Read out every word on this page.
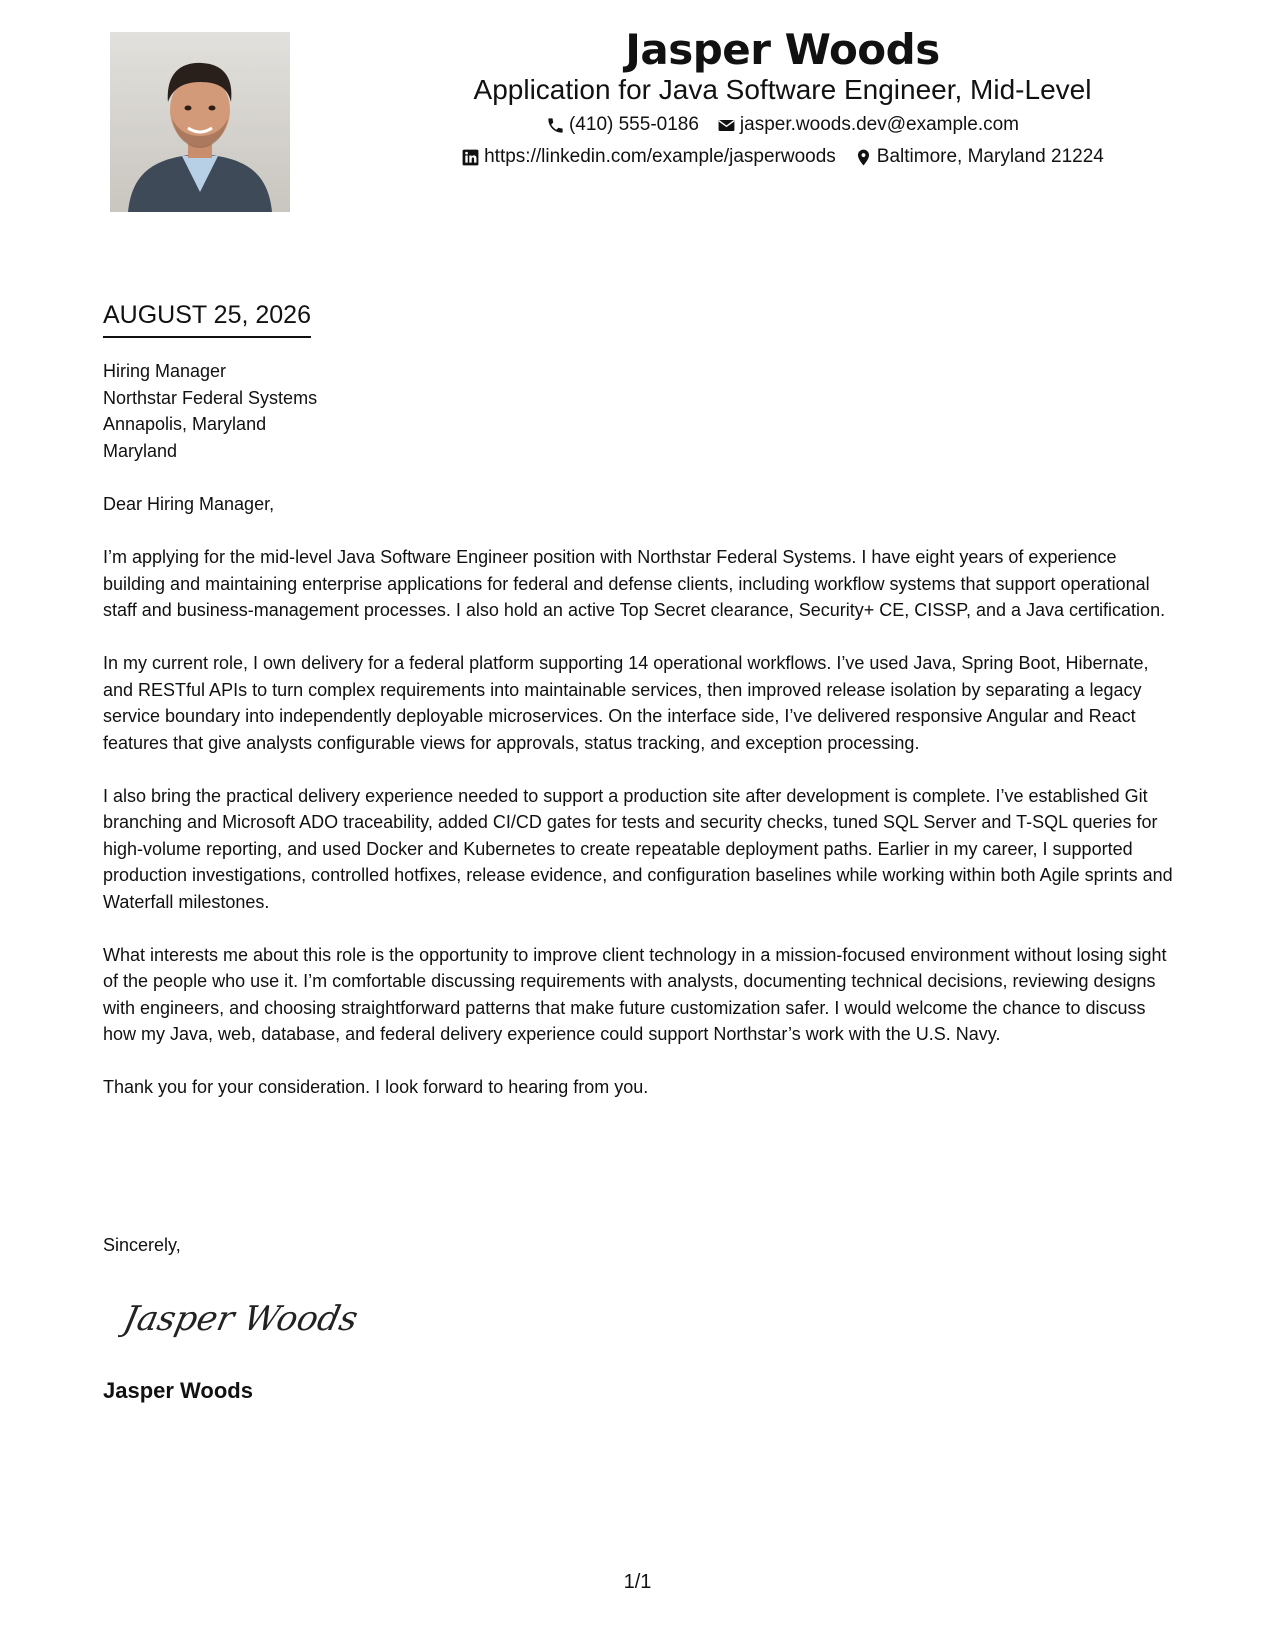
Jasper Woods
Application for Java Software Engineer, Mid-Level
(410) 555-0186 jasper.woods.dev@example.com
https://linkedin.com/example/jasperwoods Baltimore, Maryland 21224
AUGUST 25, 2026
Hiring Manager
Northstar Federal Systems
Annapolis, Maryland
Maryland

Dear Hiring Manager,

I’m applying for the mid-level Java Software Engineer position with Northstar Federal Systems. I have eight years of experience building and maintaining enterprise applications for federal and defense clients, including workflow systems that support operational staff and business-management processes. I also hold an active Top Secret clearance, Security+ CE, CISSP, and a Java certification.

In my current role, I own delivery for a federal platform supporting 14 operational workflows. I’ve used Java, Spring Boot, Hibernate, and RESTful APIs to turn complex requirements into maintainable services, then improved release isolation by separating a legacy service boundary into independently deployable microservices. On the interface side, I’ve delivered responsive Angular and React features that give analysts configurable views for approvals, status tracking, and exception processing.

I also bring the practical delivery experience needed to support a production site after development is complete. I’ve established Git branching and Microsoft ADO traceability, added CI/CD gates for tests and security checks, tuned SQL Server and T-SQL queries for high-volume reporting, and used Docker and Kubernetes to create repeatable deployment paths. Earlier in my career, I supported production investigations, controlled hotfixes, release evidence, and configuration baselines while working within both Agile sprints and Waterfall milestones.

What interests me about this role is the opportunity to improve client technology in a mission-focused environment without losing sight of the people who use it. I’m comfortable discussing requirements with analysts, documenting technical decisions, reviewing designs with engineers, and choosing straightforward patterns that make future customization safer. I would welcome the chance to discuss how my Java, web, database, and federal delivery experience could support Northstar’s work with the U.S. Navy.

Thank you for your consideration. I look forward to hearing from you.

Sincerely,
Jasper Woods
Jasper Woods
1/1
